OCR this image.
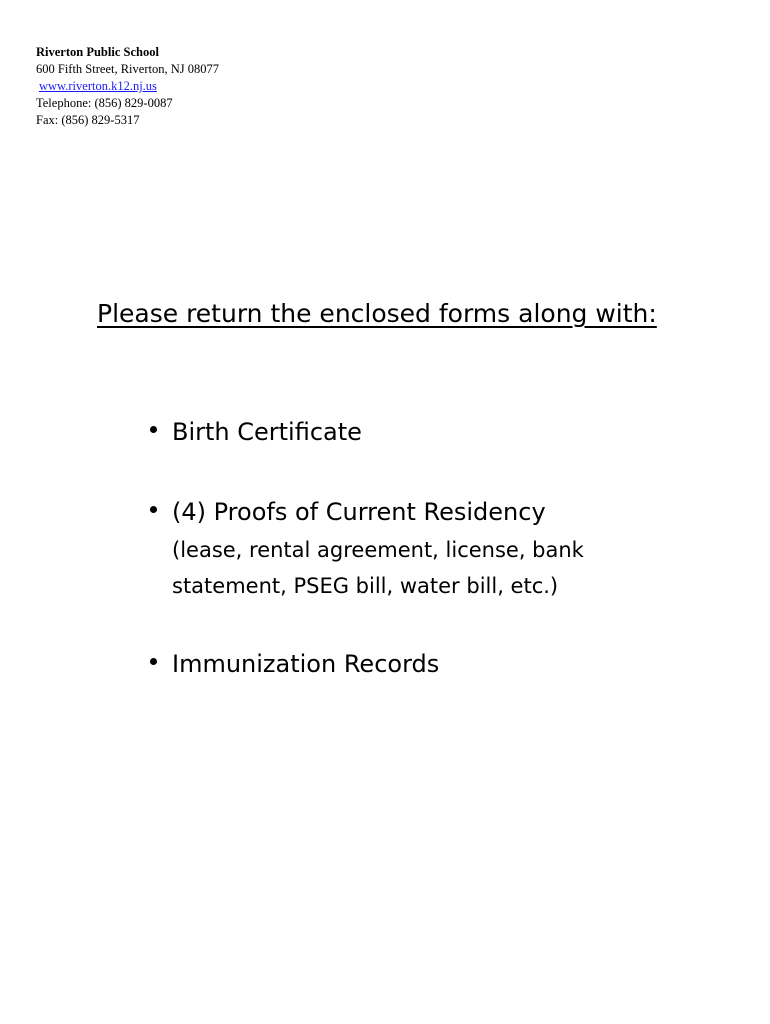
Riverton Public School
600 Fifth Street, Riverton, NJ 08077
www.riverton.k12.nj.us
Telephone: (856) 829-0087
Fax: (856) 829-5317
Please return the enclosed forms along with:
Birth Certificate
(4) Proofs of Current Residency
(lease, rental agreement, license, bank statement, PSEG bill, water bill, etc.)
Immunization Records
